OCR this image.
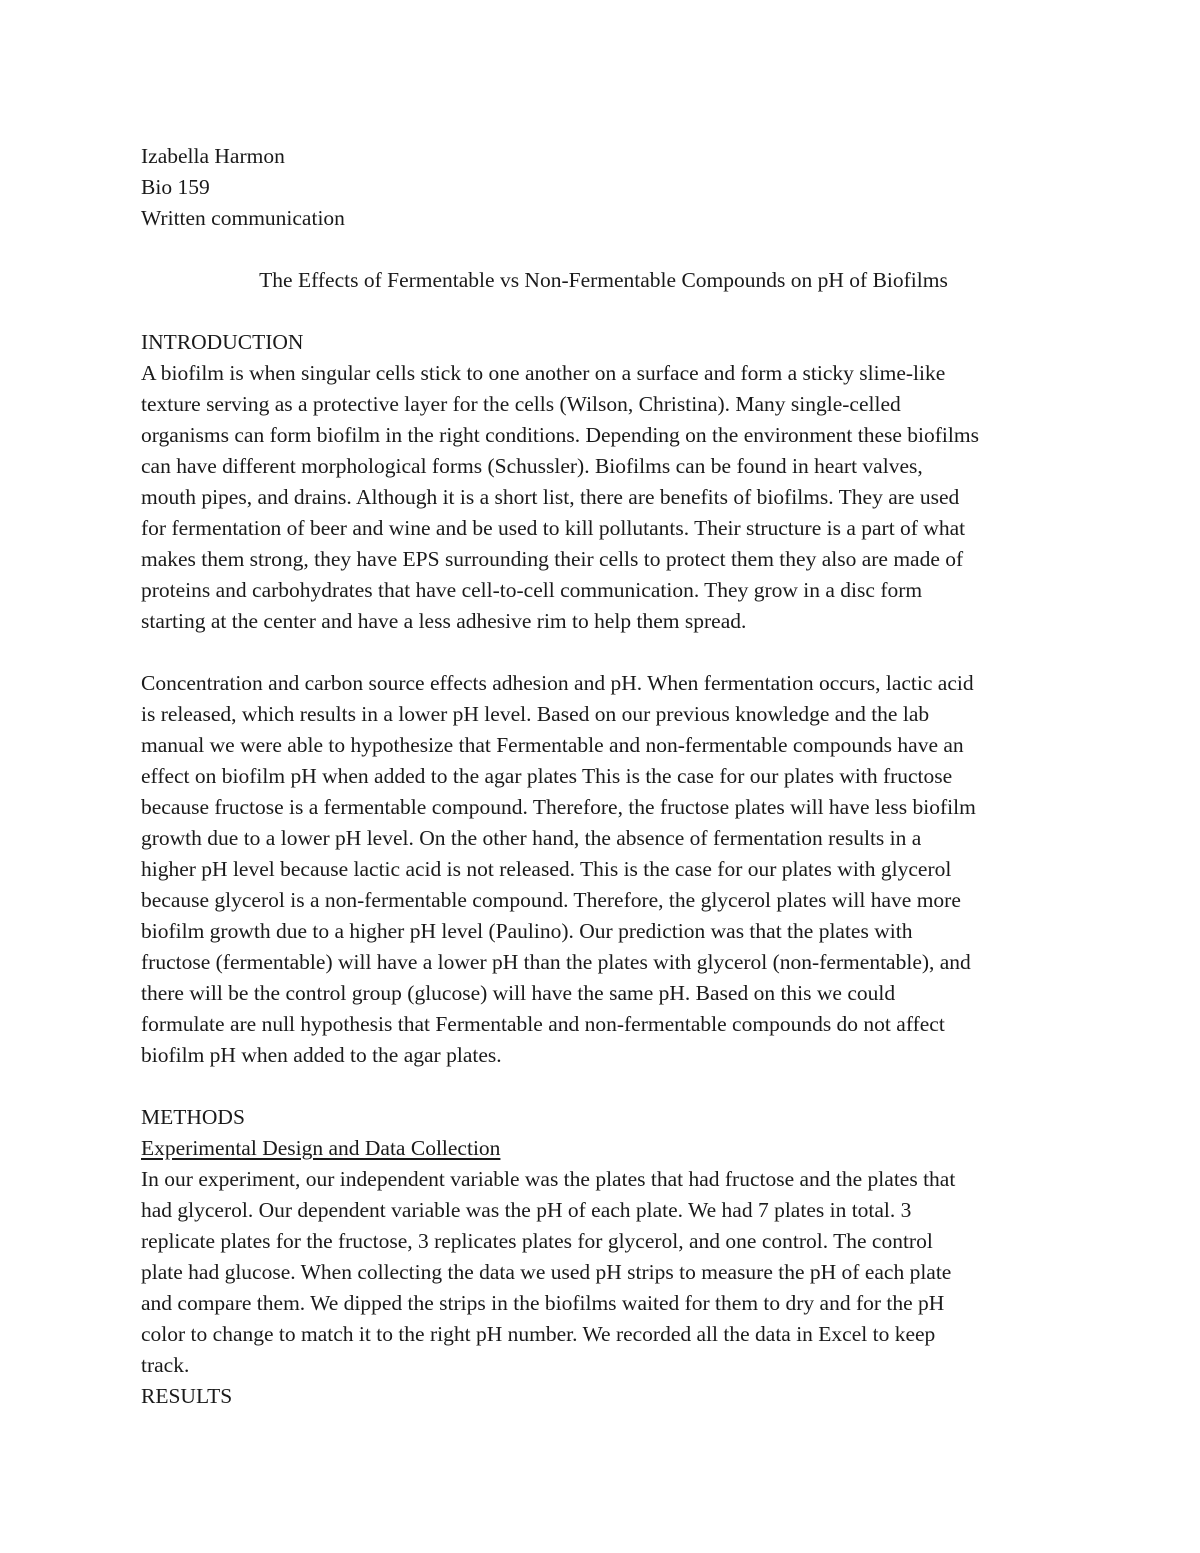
Izabella Harmon
Bio 159
Written communication
The Effects of Fermentable vs Non-Fermentable Compounds on pH of Biofilms
INTRODUCTION
A biofilm is when singular cells stick to one another on a surface and form a sticky slime-like
texture serving as a protective layer for the cells (Wilson, Christina). Many single-celled
organisms can form biofilm in the right conditions. Depending on the environment these biofilms
can have different morphological forms (Schussler). Biofilms can be found in heart valves,
mouth pipes, and drains. Although it is a short list, there are benefits of biofilms. They are used
for fermentation of beer and wine and be used to kill pollutants. Their structure is a part of what
makes them strong, they have EPS surrounding their cells to protect them they also are made of
proteins and carbohydrates that have cell-to-cell communication. They grow in a disc form
starting at the center and have a less adhesive rim to help them spread.
Concentration and carbon source effects adhesion and pH. When fermentation occurs, lactic acid
is released, which results in a lower pH level. Based on our previous knowledge and the lab
manual we were able to hypothesize that Fermentable and non-fermentable compounds have an
effect on biofilm pH when added to the agar plates This is the case for our plates with fructose
because fructose is a fermentable compound. Therefore, the fructose plates will have less biofilm
growth due to a lower pH level. On the other hand, the absence of fermentation results in a
higher pH level because lactic acid is not released. This is the case for our plates with glycerol
because glycerol is a non-fermentable compound. Therefore, the glycerol plates will have more
biofilm growth due to a higher pH level (Paulino). Our prediction was that the plates with
fructose (fermentable) will have a lower pH than the plates with glycerol (non-fermentable), and
there will be the control group (glucose) will have the same pH. Based on this we could
formulate are null hypothesis that Fermentable and non-fermentable compounds do not affect
biofilm pH when added to the agar plates.
METHODS
Experimental Design and Data Collection
In our experiment, our independent variable was the plates that had fructose and the plates that
had glycerol. Our dependent variable was the pH of each plate. We had 7 plates in total. 3
replicate plates for the fructose, 3 replicates plates for glycerol, and one control. The control
plate had glucose. When collecting the data we used pH strips to measure the pH of each plate
and compare them. We dipped the strips in the biofilms waited for them to dry and for the pH
color to change to match it to the right pH number. We recorded all the data in Excel to keep
track.
RESULTS
